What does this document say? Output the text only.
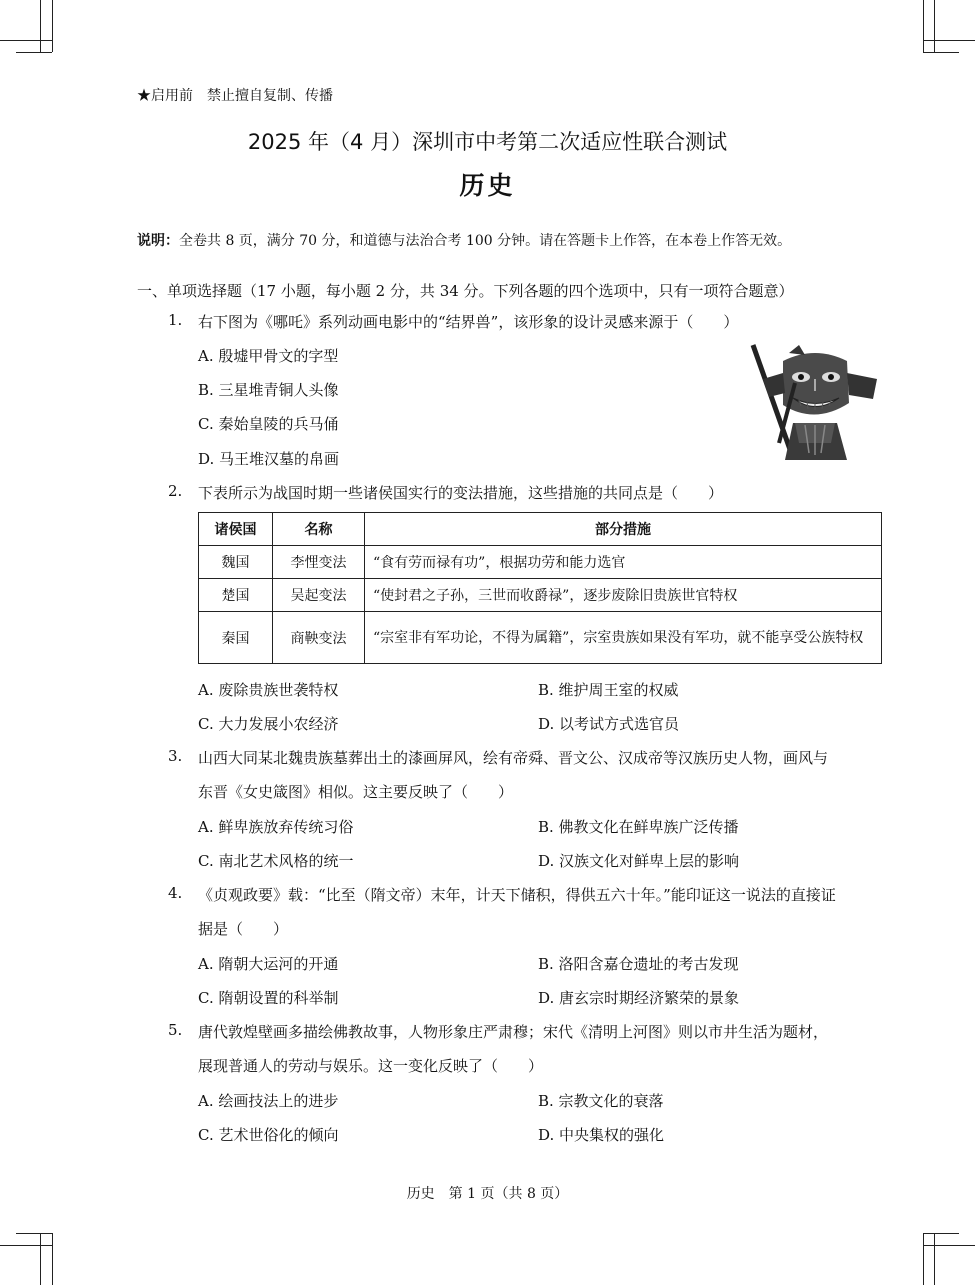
★启用前　禁止擅自复制、传播
2025 年（4 月）深圳市中考第二次适应性联合测试
历史
说明：全卷共 8 页，满分 70 分，和道德与法治合考 100 分钟。请在答题卡上作答，在本卷上作答无效。
一、单项选择题（17 小题，每小题 2 分，共 34 分。下列各题的四个选项中，只有一项符合题意）
1. 右下图为《哪吒》系列动画电影中的“结界兽”，该形象的设计灵感来源于（　　）
A. 殷墟甲骨文的字型
B. 三星堆青铜人头像
C. 秦始皇陵的兵马俑
D. 马王堆汉墓的帛画
2. 下表所示为战国时期一些诸侯国实行的变法措施，这些措施的共同点是（　　）
诸侯国	名称	部分措施
魏国	李悝变法	“食有劳而禄有功”，根据功劳和能力选官
楚国	吴起变法	“使封君之子孙，三世而收爵禄”，逐步废除旧贵族世官特权
秦国	商鞅变法	“宗室非有军功论，不得为属籍”，宗室贵族如果没有军功，就不能享受公族特权
A. 废除贵族世袭特权	B. 维护周王室的权威
C. 大力发展小农经济	D. 以考试方式选官员
3. 山西大同某北魏贵族墓葬出土的漆画屏风，绘有帝舜、晋文公、汉成帝等汉族历史人物，画风与
东晋《女史箴图》相似。这主要反映了（　　）
A. 鲜卑族放弃传统习俗	B. 佛教文化在鲜卑族广泛传播
C. 南北艺术风格的统一	D. 汉族文化对鲜卑上层的影响
4. 《贞观政要》载：“比至（隋文帝）末年，计天下储积，得供五六十年。”能印证这一说法的直接证
据是（　　）
A. 隋朝大运河的开通	B. 洛阳含嘉仓遗址的考古发现
C. 隋朝设置的科举制	D. 唐玄宗时期经济繁荣的景象
5. 唐代敦煌壁画多描绘佛教故事，人物形象庄严肃穆；宋代《清明上河图》则以市井生活为题材，
展现普通人的劳动与娱乐。这一变化反映了（　　）
A. 绘画技法上的进步	B. 宗教文化的衰落
C. 艺术世俗化的倾向	D. 中央集权的强化
历史　第 1 页（共 8 页）
